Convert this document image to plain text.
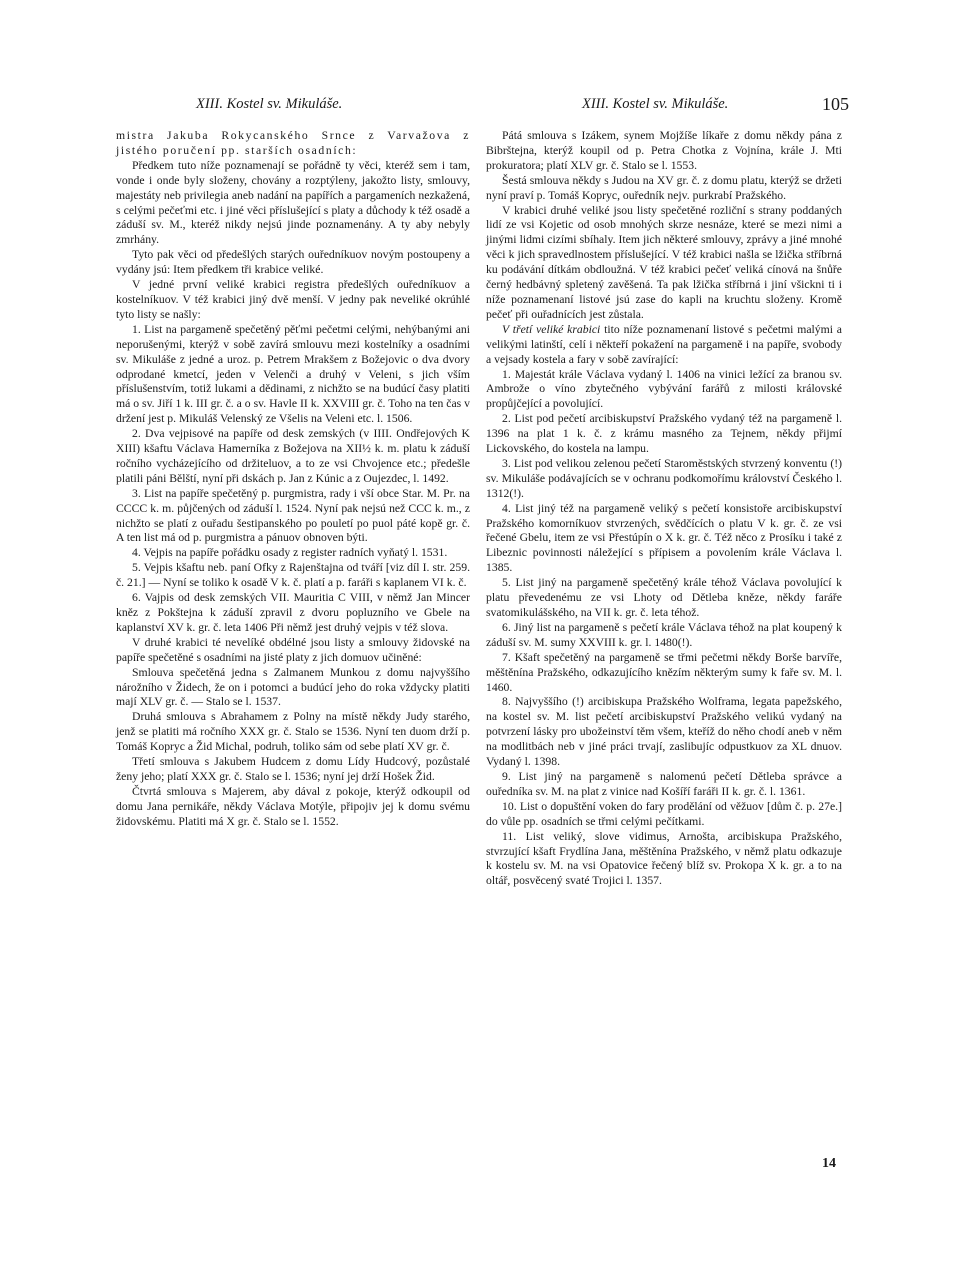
XIII. Kostel sv. Mikuláše.	XIII. Kostel sv. Mikuláše.	105

mistra Jakuba Rokycanského Srnce z Varvažova z jistého poručení pp. starších osadních:

Předkem tuto níže poznamenají se pořádně ty věci, kteréž sem i tam, vonde i onde byly složeny, chovány a rozptýleny, jakožto listy, smlouvy, majestáty neb privilegia aneb nadání na papířích a pargameních nezkažená, s celými pečeťmi etc. i jiné věci příslušející s platy a důchody k též osadě a záduší sv. M., kteréž nikdy nejsú jinde poznamenány. A ty aby nebyly zmrhány.

Tyto pak věci od předešlých starých ouředníkuov novým postoupeny a vydány jsú: Item předkem tři krabice veliké.

V jedné první veliké krabici registra předešlých ouředníkuov a kostelníkuov. V též krabici jiný dvě menší. V jedny pak neveliké okrúhlé tyto listy se našly:

1. List na pargameně spečetěný pěťmi pečetmi celými, nehýbanými ani neporušenými, kterýž v sobě zavírá smlouvu mezi kostelníky a osadními sv. Mikuláše z jedné a uroz. p. Petrem Mrakšem z Božejovic o dva dvory odprodané kmetcí, jeden v Velenči a druhý v Veleni, s jich vším příslušenstvím, totiž lukami a dědinami, z nichžto se na budúcí časy platiti má o sv. Jiří 1 k. III gr. č. a o sv. Havle II k. XXVIII gr. č. Toho na ten čas v držení jest p. Mikuláš Velenský ze Všelis na Veleni etc. l. 1506.

2. Dva vejpisové na papíře od desk zemských (v IIII. Ondřejových K XIII) kšaftu Václava Hamerníka z Božejova na XII½ k. m. platu k záduší ročního vycházejícího od držiteluov, a to ze vsi Chvojence etc.; předešle platili páni Bělští, nyní při dskách p. Jan z Kúnic a z Oujezdec, l. 1492.

3. List na papíře spečetěný p. purgmistra, rady i vší obce Star. M. Pr. na CCCC k. m. půjčených od záduší l. 1524. Nyní pak nejsú než CCC k. m., z nichžto se platí z ouřadu šestipanského po pouletí po puol páté kopě gr. č. A ten list má od p. purgmistra a pánuov obnoven býti.

4. Vejpis na papíře pořádku osady z register radních vyňatý l. 1531.

5. Vejpis kšaftu neb. paní Ofky z Rajenštajna od tváří [viz díl I. str. 259. č. 21.] — Nyní se toliko k osadě V k. č. platí a p. faráři s kaplanem VI k. č.

6. Vajpis od desk zemských VII. Mauritia C VIII, v němž Jan Mincer kněz z Pokštejna k záduší zpravil z dvoru popluzního ve Gbele na kaplanství XV k. gr. č. leta 1406 Při němž jest druhý vejpis v též slova.

V druhé krabici té nevelíké obdélné jsou listy a smlouvy židovské na papíře spečetěné s osadními na jisté platy z jich domuov učiněné:

Smlouva spečetěná jedna s Zalmanem Munkou z domu najvyššího nárožního v Židech, že on i potomci a budúcí jeho do roka vždycky platiti mají XLV gr. č. — Stalo se l. 1537.

Druhá smlouva s Abrahamem z Polny na místě někdy Judy starého, jenž se platiti má ročního XXX gr. č. Stalo se 1536. Nyní ten duom drží p. Tomáš Kopryc a Žid Michal, podruh, toliko sám od sebe platí XV gr. č.

Třetí smlouva s Jakubem Hudcem z domu Lídy Hudcový, pozůstalé ženy jeho; platí XXX gr. č. Stalo se l. 1536; nyní jej drží Hošek Žid.

Čtvrtá smlouva s Majerem, aby dával z pokoje, kterýž odkoupil od domu Jana pernikáře, někdy Václava Motýle, připojiv jej k domu svému židovskému. Platiti má X gr. č. Stalo se l. 1552.

Pátá smlouva s Izákem, synem Mojžíše líkaře z domu někdy pána z Bibrštejna, kterýž koupil od p. Petra Chotka z Vojnína, krále J. Mti prokuratora; platí XLV gr. č. Stalo se l. 1553.

Šestá smlouva někdy s Judou na XV gr. č. z domu platu, kterýž se držeti nyní praví p. Tomáš Kopryc, ouředník nejv. purkrabí Pražského.

V krabici druhé veliké jsou listy spečetěné rozliční s strany poddaných lidí ze vsi Kojetic od osob mnohých skrze nesnáze, které se mezi nimi a jinými lidmi cizími sbíhaly. Item jich některé smlouvy, zprávy a jiné mnohé věci k jich spravedlnostem příslušející. V též krabici našla se lžička stříbrná ku podávání dítkám obdloužná. V též krabici pečeť veliká cínová na šnůře černý hedbávný spletený zavěšená. Ta pak lžička stříbrná i jiní všickni ti i níže poznamenaní listové jsú zase do kapli na kruchtu složeny. Kromě pečeť při ouřadnících jest zůstala.

V třetí veliké krabici tito níže poznamenaní listové s pečetmi malými a velikými latinští, celí i někteří pokažení na pargameně i na papíře, svobody a vejsady kostela a fary v sobě zavírající:

1. Majestát krále Václava vydaný l. 1406 na vinici ležící za branou sv. Ambrože o víno zbytečného vybývání farářů z milosti královské propůjčející a povolující.

2. List pod pečetí arcibiskupství Pražského vydaný též na pargameně l. 1396 na plat 1 k. č. z krámu masného za Tejnem, někdy přijmí Lickovského, do kostela na lampu.

3. List pod velikou zelenou pečetí Staroměstských stvrzený konventu (!) sv. Mikuláše podávajících se v ochranu podkomořímu království Českého l. 1312(!).

4. List jiný též na pargameně veliký s pečetí konsistoře arcibiskupství Pražského komorníkuov stvrzených, svědčících o platu V k. gr. č. ze vsi řečené Gbelu, item ze vsi Přestúpín o X k. gr. č. Též něco z Prosíku i také z Libeznic povinnosti náležející s přípisem a povolením krále Václava l. 1385.

5. List jiný na pargameně spečetěný krále téhož Václava povolující k platu převedenému ze vsi Lhoty od Dětleba kněze, někdy faráře svatomikulášského, na VII k. gr. č. leta téhož.

6. Jiný list na pargameně s pečetí krále Václava téhož na plat koupený k záduší sv. M. sumy XXVIII k. gr. l. 1480(!).

7. Kšaft spečetěný na pargameně se třmi pečetmi někdy Borše barvíře, měštěnína Pražského, odkazujícího knězím některým sumy k faře sv. M. l. 1460.

8. Najvyššího (!) arcibiskupa Pražského Wolframa, legata papežského, na kostel sv. M. list pečetí arcibiskupství Pražského velikú vydaný na potvrzení lásky pro ubožeinství těm všem, kteříž do něho chodí aneb v něm na modlitbách neb v jiné práci trvají, zaslibujíc odpustkuov za XL dnuov. Vydaný l. 1398.

9. List jiný na pargameně s nalomenú pečetí Dětleba správce a ouředníka sv. M. na plat z vinice nad Košíří faráři II k. gr. č. l. 1361.

10. List o dopuštění voken do fary prodělání od věžuov [dům č. p. 27e.] do vůle pp. osadních se třmi celými pečítkami.

11. List veliký, slove vidimus, Arnošta, arcibiskupa Pražského, stvrzující kšaft Frydlína Jana, měštěnína Pražského, v němž platu odkazuje k kostelu sv. M. na vsi Opatovice řečený blíž sv. Prokopa X k. gr. a to na oltář, posvěcený svaté Trojici l. 1357.

14
